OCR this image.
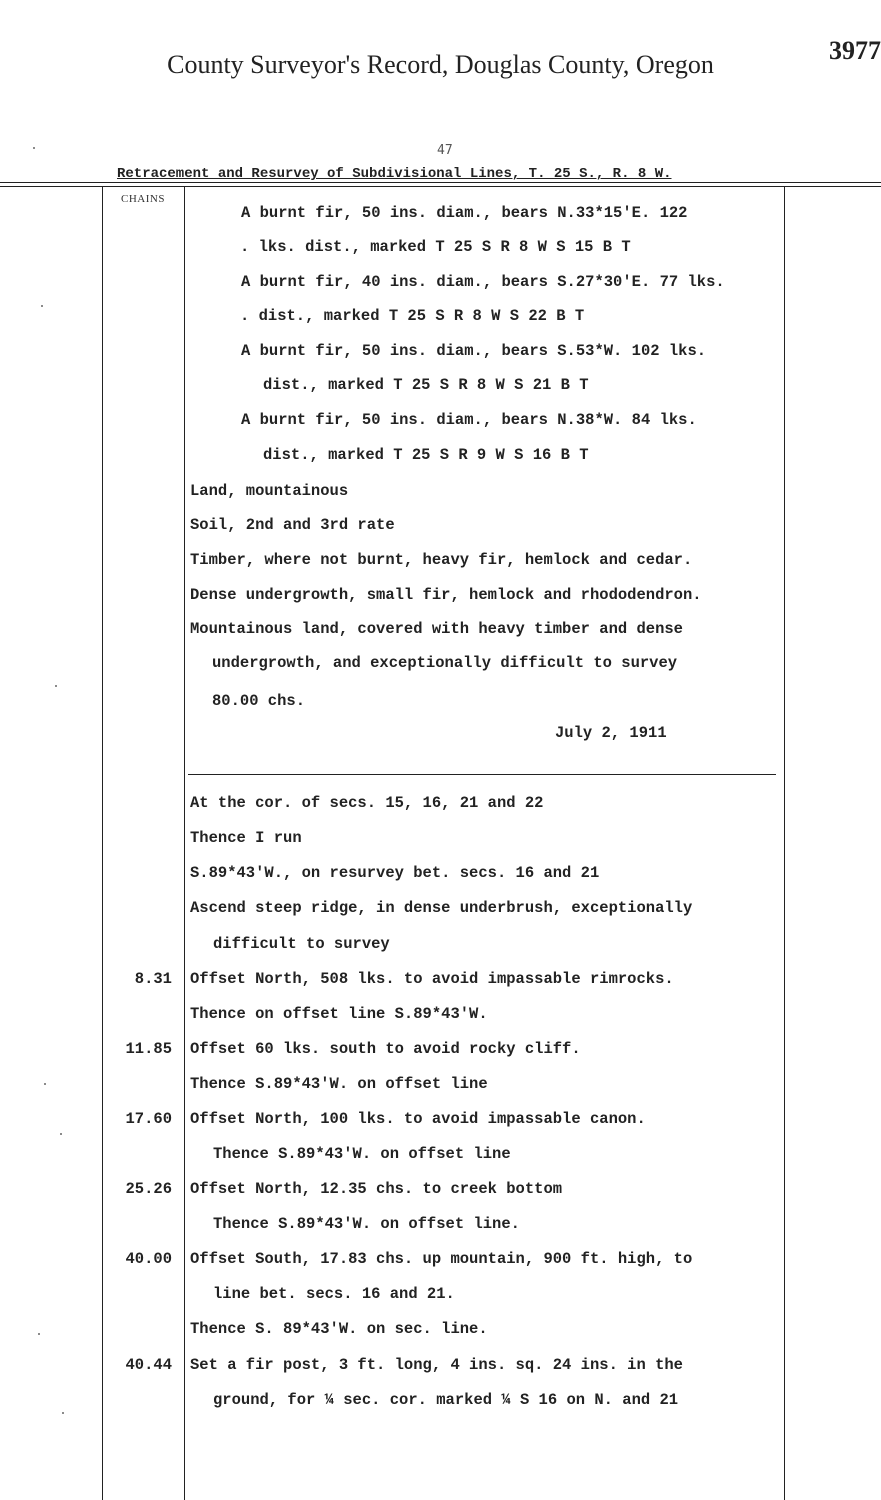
County Surveyor's Record, Douglas County, Oregon	3977
47
Retracement and Resurvey of Subdivisional Lines, T. 25 S., R. 8 W.
CHAINS
A burnt fir, 50 ins. diam., bears N.33*15'E. 122
. lks. dist., marked T 25 S R 8 W S 15 B T
A burnt fir, 40 ins. diam., bears S.27*30'E. 77 lks.
. dist., marked T 25 S R 8 W S 22 B T
A burnt fir, 50 ins. diam., bears S.53*W. 102 lks.
dist., marked T 25 S R 8 W S 21 B T
A burnt fir, 50 ins. diam., bears N.38*W. 84 lks.
dist., marked T 25 S R 9 W S 16 B T
Land, mountainous
Soil, 2nd and 3rd rate
Timber, where not burnt, heavy fir, hemlock and cedar.
Dense undergrowth, small fir, hemlock and rhododendron.
Mountainous land, covered with heavy timber and dense
undergrowth, and exceptionally difficult to survey
80.00 chs.
July 2, 1911
At the cor. of secs. 15, 16, 21 and 22
Thence I run
S.89*43'W., on resurvey bet. secs. 16 and 21
Ascend steep ridge, in dense underbrush, exceptionally
difficult to survey
8.31 Offset North, 508 lks. to avoid impassable rimrocks.
Thence on offset line S.89*43'W.
11.85 Offset 60 lks. south to avoid rocky cliff.
Thence S.89*43'W. on offset line
17.60 Offset North, 100 lks. to avoid impassable canon.
Thence S.89*43'W. on offset line
25.26 Offset North, 12.35 chs. to creek bottom
Thence S.89*43'W. on offset line.
40.00 Offset South, 17.83 chs. up mountain, 900 ft. high, to
line bet. secs. 16 and 21.
Thence S. 89*43'W. on sec. line.
40.44 Set a fir post, 3 ft. long, 4 ins. sq. 24 ins. in the
ground, for ¼ sec. cor. marked ¼ S 16 on N. and 21
